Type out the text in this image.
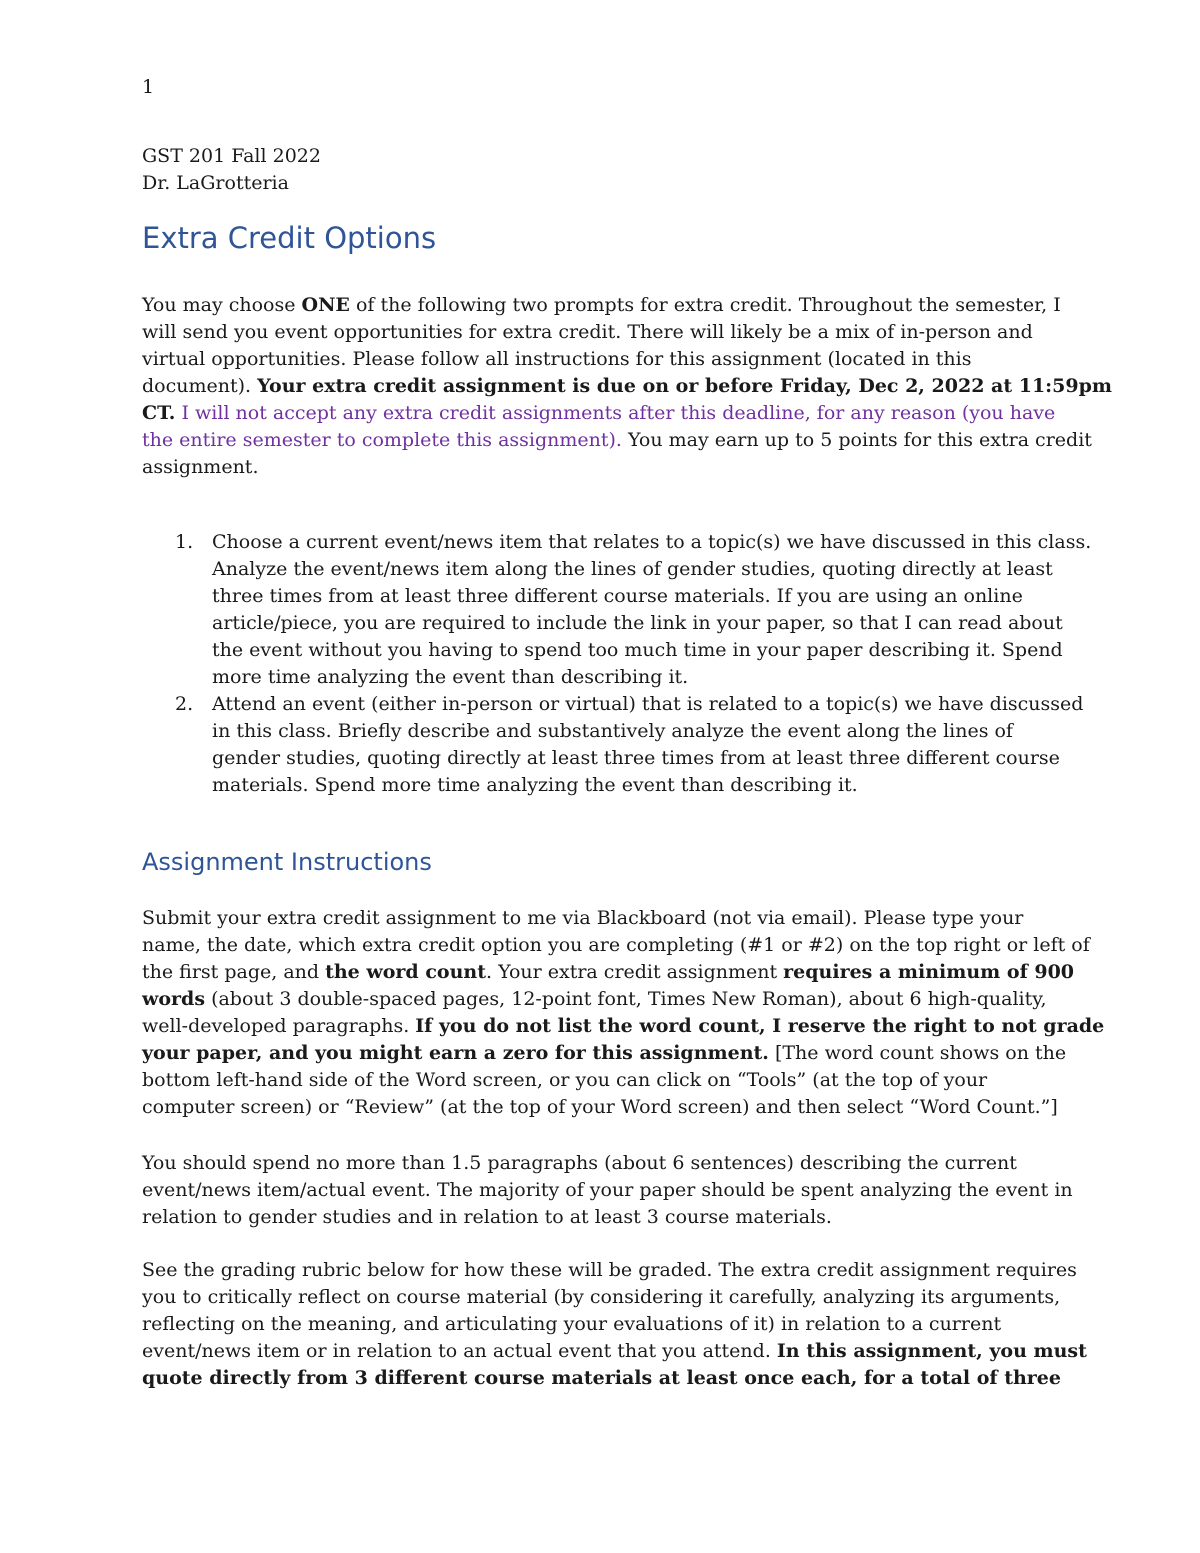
1
GST 201 Fall 2022
Dr. LaGrotteria
Extra Credit Options
You may choose ONE of the following two prompts for extra credit. Throughout the semester, I
will send you event opportunities for extra credit. There will likely be a mix of in-person and
virtual opportunities. Please follow all instructions for this assignment (located in this
document). Your extra credit assignment is due on or before Friday, Dec 2, 2022 at 11:59pm
CT. I will not accept any extra credit assignments after this deadline, for any reason (you have
the entire semester to complete this assignment). You may earn up to 5 points for this extra credit
assignment.
1. Choose a current event/news item that relates to a topic(s) we have discussed in this class.
Analyze the event/news item along the lines of gender studies, quoting directly at least
three times from at least three different course materials. If you are using an online
article/piece, you are required to include the link in your paper, so that I can read about
the event without you having to spend too much time in your paper describing it. Spend
more time analyzing the event than describing it.
2. Attend an event (either in-person or virtual) that is related to a topic(s) we have discussed
in this class. Briefly describe and substantively analyze the event along the lines of
gender studies, quoting directly at least three times from at least three different course
materials. Spend more time analyzing the event than describing it.
Assignment Instructions
Submit your extra credit assignment to me via Blackboard (not via email). Please type your
name, the date, which extra credit option you are completing (#1 or #2) on the top right or left of
the first page, and the word count. Your extra credit assignment requires a minimum of 900
words (about 3 double-spaced pages, 12-point font, Times New Roman), about 6 high-quality,
well-developed paragraphs. If you do not list the word count, I reserve the right to not grade
your paper, and you might earn a zero for this assignment. [The word count shows on the
bottom left-hand side of the Word screen, or you can click on “Tools” (at the top of your
computer screen) or “Review” (at the top of your Word screen) and then select “Word Count.”]
You should spend no more than 1.5 paragraphs (about 6 sentences) describing the current
event/news item/actual event. The majority of your paper should be spent analyzing the event in
relation to gender studies and in relation to at least 3 course materials.
See the grading rubric below for how these will be graded. The extra credit assignment requires
you to critically reflect on course material (by considering it carefully, analyzing its arguments,
reflecting on the meaning, and articulating your evaluations of it) in relation to a current
event/news item or in relation to an actual event that you attend. In this assignment, you must
quote directly from 3 different course materials at least once each, for a total of three
